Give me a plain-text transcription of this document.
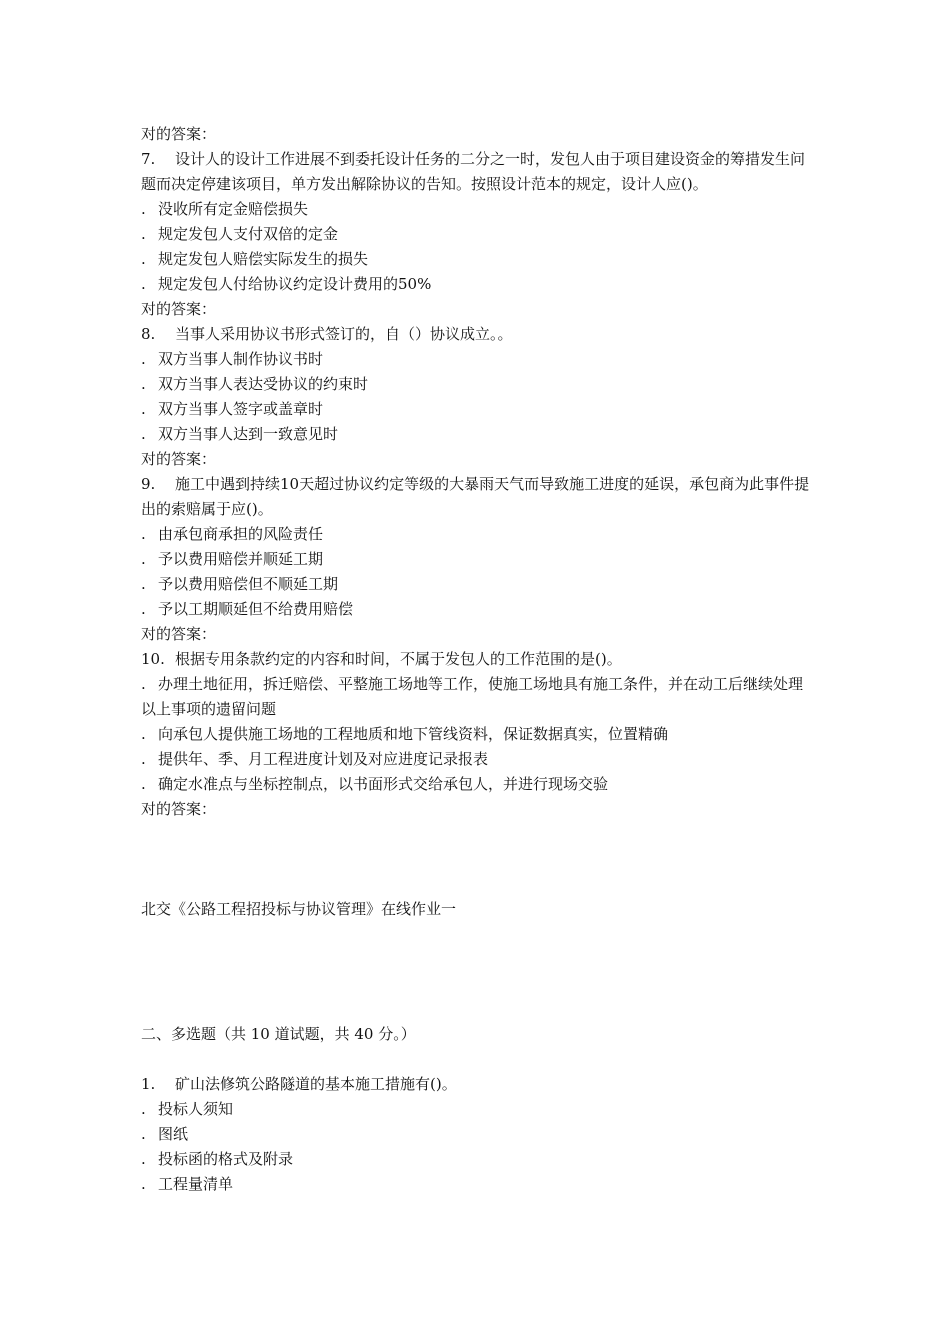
对的答案：
7. 设计人的设计工作进展不到委托设计任务的二分之一时，发包人由于项目建设资金的筹措发生问题而决定停建该项目，单方发出解除协议的告知。按照设计范本的规定，设计人应()。
. 没收所有定金赔偿损失
. 规定发包人支付双倍的定金
. 规定发包人赔偿实际发生的损失
. 规定发包人付给协议约定设计费用的50%
对的答案：
8. 当事人采用协议书形式签订的，自（）协议成立。。
. 双方当事人制作协议书时
. 双方当事人表达受协议的约束时
. 双方当事人签字或盖章时
. 双方当事人达到一致意见时
对的答案：
9. 施工中遇到持续10天超过协议约定等级的大暴雨天气而导致施工进度的延误，承包商为此事件提出的索赔属于应()。
. 由承包商承担的风险责任
. 予以费用赔偿并顺延工期
. 予以费用赔偿但不顺延工期
. 予以工期顺延但不给费用赔偿
对的答案：
10. 根据专用条款约定的内容和时间，不属于发包人的工作范围的是()。
. 办理土地征用，拆迁赔偿、平整施工场地等工作，使施工场地具有施工条件，并在动工后继续处理以上事项的遗留问题
. 向承包人提供施工场地的工程地质和地下管线资料，保证数据真实，位置精确
. 提供年、季、月工程进度计划及对应进度记录报表
. 确定水准点与坐标控制点，以书面形式交给承包人，并进行现场交验
对的答案：
北交《公路工程招投标与协议管理》在线作业一
二、多选题（共 10 道试题，共 40 分。）
1. 矿山法修筑公路隧道的基本施工措施有()。
. 投标人须知
. 图纸
. 投标函的格式及附录
. 工程量清单
